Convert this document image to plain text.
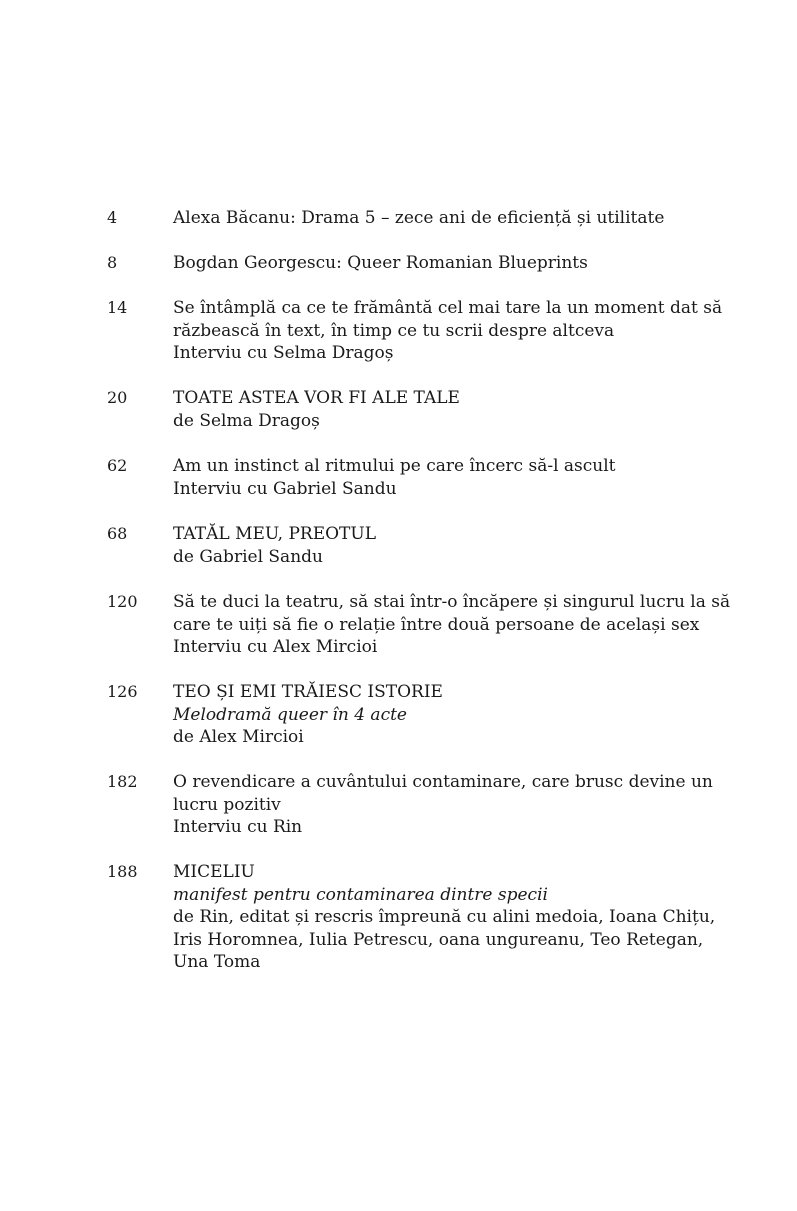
4	Alexa Băcanu: Drama 5 – zece ani de eficiență și utilitate
8	Bogdan Georgescu: Queer Romanian Blueprints
14	Se întâmplă ca ce te frământă cel mai tare la un moment dat să
răzbească în text, în timp ce tu scrii despre altceva
Interviu cu Selma Dragoș
20	TOATE ASTEA VOR FI ALE TALE
de Selma Dragoș
62	Am un instinct al ritmului pe care încerc să-l ascult
Interviu cu Gabriel Sandu
68	TATĂL MEU, PREOTUL
de Gabriel Sandu
120	Să te duci la teatru, să stai într-o încăpere și singurul lucru la să
care te uiți să fie o relație între două persoane de același sex
Interviu cu Alex Mircioi
126	TEO ȘI EMI TRĂIESC ISTORIE
Melodramă queer în 4 acte
de Alex Mircioi
182	O revendicare a cuvântului contaminare, care brusc devine un
lucru pozitiv
Interviu cu Rin
188	MICELIU
manifest pentru contaminarea dintre specii
de Rin, editat și rescris împreună cu alini medoia, Ioana Chițu,
Iris Horomnea, Iulia Petrescu, oana ungureanu, Teo Retegan,
Una Toma
